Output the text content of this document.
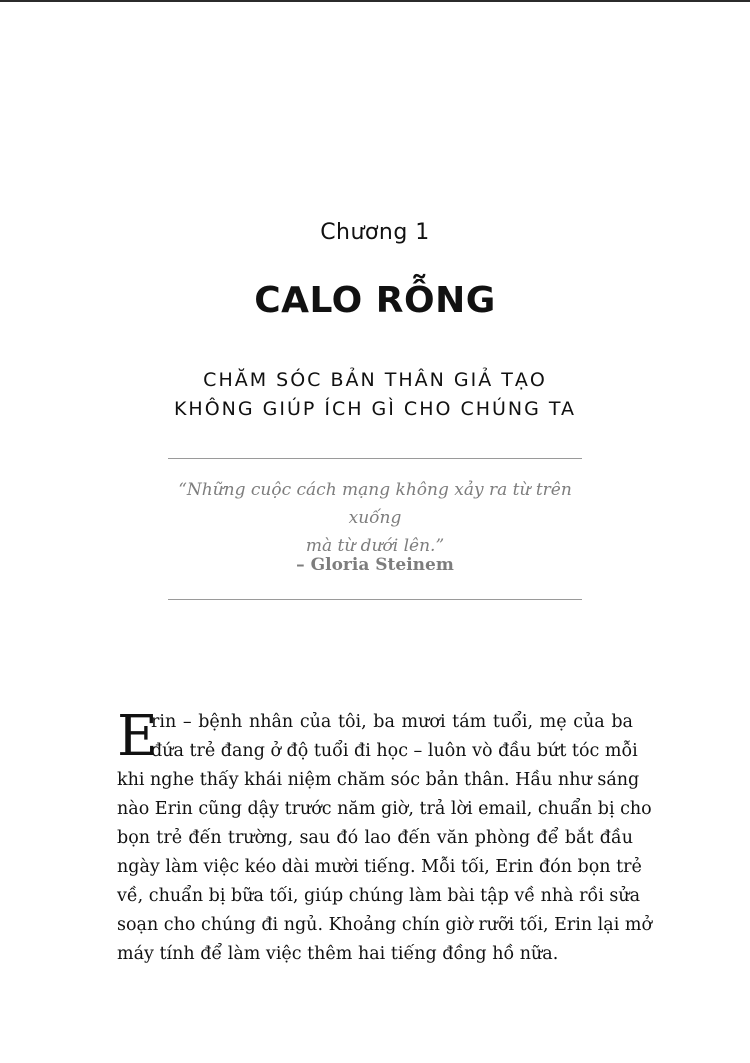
Chương 1
CALO RỖNG
CHĂM SÓC BẢN THÂN GIẢ TẠO
KHÔNG GIÚP ÍCH GÌ CHO CHÚNG TA
“Những cuộc cách mạng không xảy ra từ trên xuống
mà từ dưới lên.”
– Gloria Steinem
E
rin – bệnh nhân của tôi, ba mươi tám tuổi, mẹ của ba
đứa trẻ đang ở độ tuổi đi học – luôn vò đầu bứt tóc mỗi
khi nghe thấy khái niệm chăm sóc bản thân. Hầu như sáng
nào Erin cũng dậy trước năm giờ, trả lời email, chuẩn bị cho
bọn trẻ đến trường, sau đó lao đến văn phòng để bắt đầu
ngày làm việc kéo dài mười tiếng. Mỗi tối, Erin đón bọn trẻ
về, chuẩn bị bữa tối, giúp chúng làm bài tập về nhà rồi sửa
soạn cho chúng đi ngủ. Khoảng chín giờ rưỡi tối, Erin lại mở
máy tính để làm việc thêm hai tiếng đồng hồ nữa.
